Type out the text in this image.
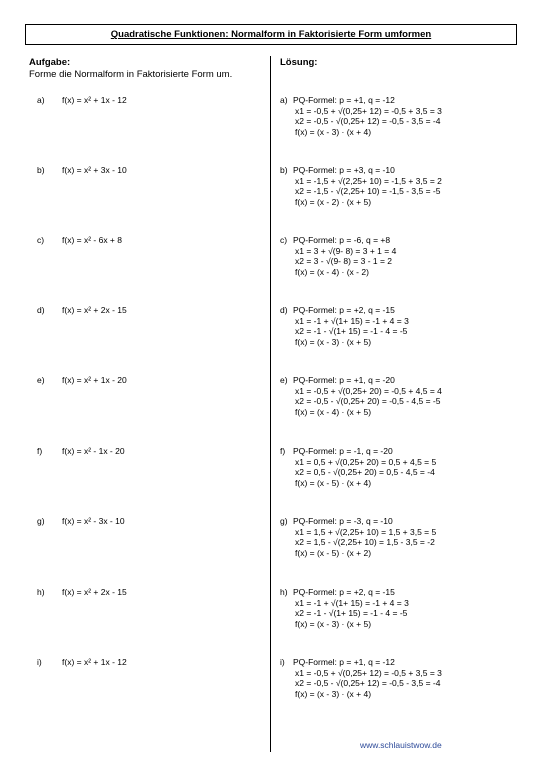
Quadratische Funktionen: Normalform in Faktorisierte Form umformen
Aufgabe:
Forme die Normalform in Faktorisierte Form um.
Lösung:
a) f(x) = x² + 1x - 12
b) f(x) = x² + 3x - 10
c) f(x) = x² - 6x + 8
d) f(x) = x² + 2x - 15
e) f(x) = x² + 1x - 20
f) f(x) = x² - 1x - 20
g) f(x) = x² - 3x - 10
h) f(x) = x² + 2x - 15
i) f(x) = x² + 1x - 12
a) PQ-Formel: p = +1, q = -12
x1 = -0,5 + √(0,25+ 12) = -0,5 + 3,5 = 3
x2 = -0,5 - √(0,25+ 12) = -0,5 - 3,5 = -4
f(x) = (x - 3) · (x + 4)
b) PQ-Formel: p = +3, q = -10
x1 = -1,5 + √(2,25+ 10) = -1,5 + 3,5 = 2
x2 = -1,5 - √(2,25+ 10) = -1,5 - 3,5 = -5
f(x) = (x - 2) · (x + 5)
c) PQ-Formel: p = -6, q = +8
x1 = 3 + √(9- 8) = 3 + 1 = 4
x2 = 3 - √(9- 8) = 3 - 1 = 2
f(x) = (x - 4) · (x - 2)
d) PQ-Formel: p = +2, q = -15
x1 = -1 + √(1+ 15) = -1 + 4 = 3
x2 = -1 - √(1+ 15) = -1 - 4 = -5
f(x) = (x - 3) · (x + 5)
e) PQ-Formel: p = +1, q = -20
x1 = -0,5 + √(0,25+ 20) = -0,5 + 4,5 = 4
x2 = -0,5 - √(0,25+ 20) = -0,5 - 4,5 = -5
f(x) = (x - 4) · (x + 5)
f) PQ-Formel: p = -1, q = -20
x1 = 0,5 + √(0,25+ 20) = 0,5 + 4,5 = 5
x2 = 0,5 - √(0,25+ 20) = 0,5 - 4,5 = -4
f(x) = (x - 5) · (x + 4)
g) PQ-Formel: p = -3, q = -10
x1 = 1,5 + √(2,25+ 10) = 1,5 + 3,5 = 5
x2 = 1,5 - √(2,25+ 10) = 1,5 - 3,5 = -2
f(x) = (x - 5) · (x + 2)
h) PQ-Formel: p = +2, q = -15
x1 = -1 + √(1+ 15) = -1 + 4 = 3
x2 = -1 - √(1+ 15) = -1 - 4 = -5
f(x) = (x - 3) · (x + 5)
i) PQ-Formel: p = +1, q = -12
x1 = -0,5 + √(0,25+ 12) = -0,5 + 3,5 = 3
x2 = -0,5 - √(0,25+ 12) = -0,5 - 3,5 = -4
f(x) = (x - 3) · (x + 4)
www.schlauistwow.de
